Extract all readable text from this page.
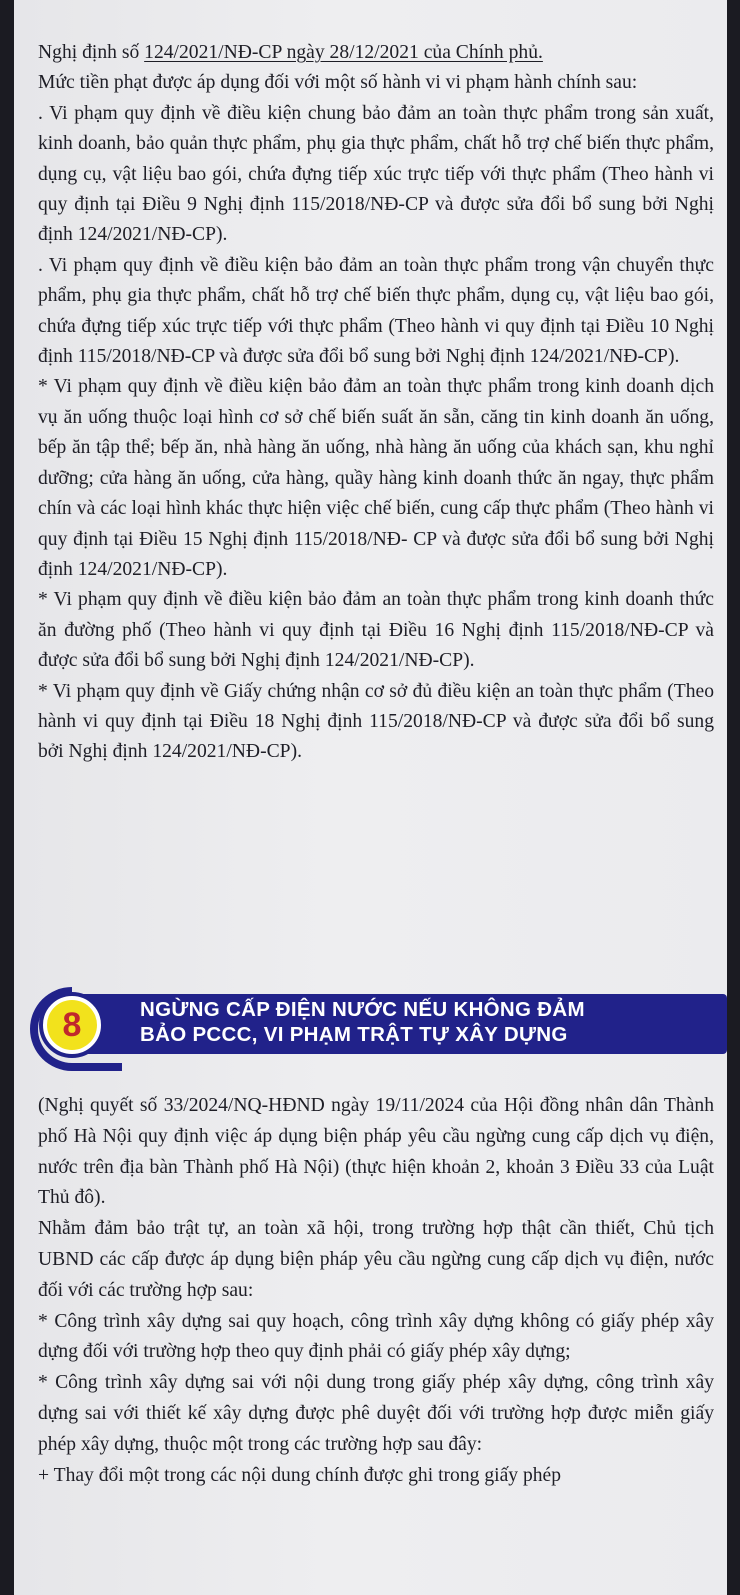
Nghị định số 124/2021/NĐ-CP ngày 28/12/2021 của Chính phủ.

Mức tiền phạt được áp dụng đối với một số hành vi vi phạm hành chính sau:

. Vi phạm quy định về điều kiện chung bảo đảm an toàn thực phẩm trong sản xuất, kinh doanh, bảo quản thực phẩm, phụ gia thực phẩm, chất hỗ trợ chế biến thực phẩm, dụng cụ, vật liệu bao gói, chứa đựng tiếp xúc trực tiếp với thực phẩm (Theo hành vi quy định tại Điều 9 Nghị định 115/2018/NĐ-CP và được sửa đổi bổ sung bởi Nghị định 124/2021/NĐ-CP).

. Vi phạm quy định về điều kiện bảo đảm an toàn thực phẩm trong vận chuyển thực phẩm, phụ gia thực phẩm, chất hỗ trợ chế biến thực phẩm, dụng cụ, vật liệu bao gói, chứa đựng tiếp xúc trực tiếp với thực phẩm (Theo hành vi quy định tại Điều 10 Nghị định 115/2018/NĐ-CP và được sửa đổi bổ sung bởi Nghị định 124/2021/NĐ-CP).

* Vi phạm quy định về điều kiện bảo đảm an toàn thực phẩm trong kinh doanh dịch vụ ăn uống thuộc loại hình cơ sở chế biến suất ăn sẵn, căng tin kinh doanh ăn uống, bếp ăn tập thể; bếp ăn, nhà hàng ăn uống, nhà hàng ăn uống của khách sạn, khu nghỉ dưỡng; cửa hàng ăn uống, cửa hàng, quầy hàng kinh doanh thức ăn ngay, thực phẩm chín và các loại hình khác thực hiện việc chế biến, cung cấp thực phẩm (Theo hành vi quy định tại Điều 15 Nghị định 115/2018/NĐ- CP và được sửa đổi bổ sung bởi Nghị định 124/2021/NĐ-CP).

* Vi phạm quy định về điều kiện bảo đảm an toàn thực phẩm trong kinh doanh thức ăn đường phố (Theo hành vi quy định tại Điều 16 Nghị định 115/2018/NĐ-CP và được sửa đổi bổ sung bởi Nghị định 124/2021/NĐ-CP).

* Vi phạm quy định về Giấy chứng nhận cơ sở đủ điều kiện an toàn thực phẩm (Theo hành vi quy định tại Điều 18 Nghị định 115/2018/NĐ-CP và được sửa đổi bổ sung bởi Nghị định 124/2021/NĐ-CP).

8	NGỪNG CẤP ĐIỆN NƯỚC NẾU KHÔNG ĐẢM
BẢO PCCC, VI PHẠM TRẬT TỰ XÂY DỰNG

(Nghị quyết số 33/2024/NQ-HĐND ngày 19/11/2024 của Hội đồng nhân dân Thành phố Hà Nội quy định việc áp dụng biện pháp yêu cầu ngừng cung cấp dịch vụ điện, nước trên địa bàn Thành phố Hà Nội) (thực hiện khoản 2, khoản 3 Điều 33 của Luật Thủ đô).

Nhằm đảm bảo trật tự, an toàn xã hội, trong trường hợp thật cần thiết, Chủ tịch UBND các cấp được áp dụng biện pháp yêu cầu ngừng cung cấp dịch vụ điện, nước đối với các trường hợp sau:

* Công trình xây dựng sai quy hoạch, công trình xây dựng không có giấy phép xây dựng đối với trường hợp theo quy định phải có giấy phép xây dựng;

* Công trình xây dựng sai với nội dung trong giấy phép xây dựng, công trình xây dựng sai với thiết kế xây dựng được phê duyệt đối với trường hợp được miễn giấy phép xây dựng, thuộc một trong các trường hợp sau đây:

+ Thay đổi một trong các nội dung chính được ghi trong giấy phép
